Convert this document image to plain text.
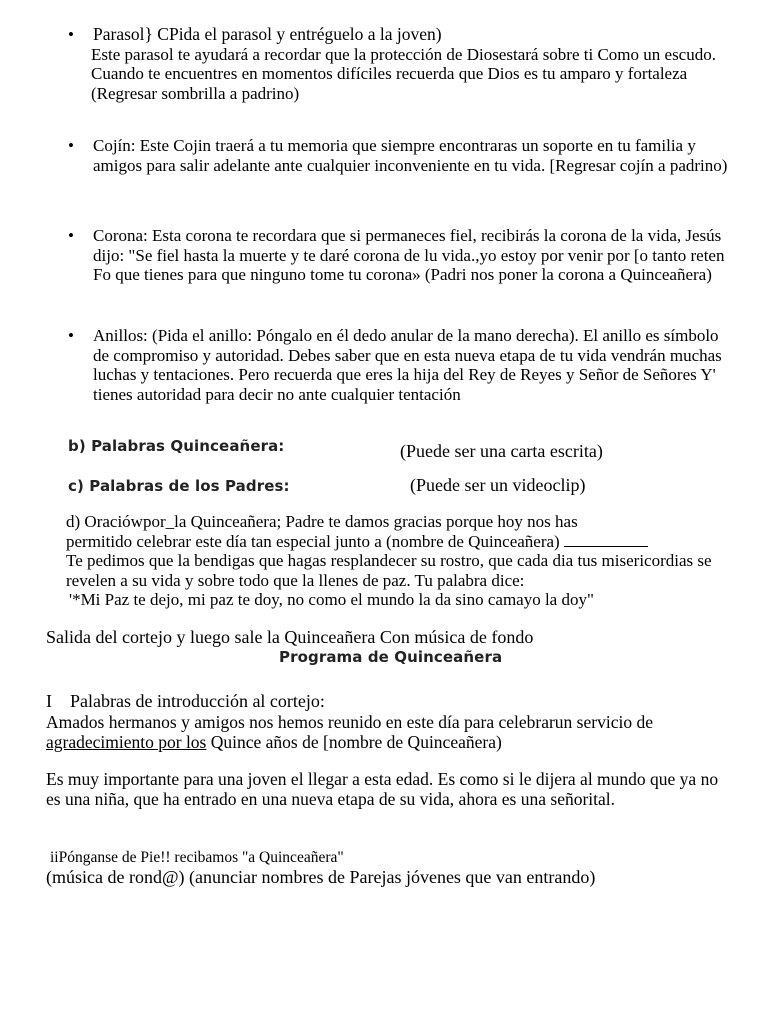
•	Parasol} CPida el parasol y entréguelo a la joven)
Este parasol te ayudará a recordar que la protección de Diosestará sobre ti Como un escudo. Cuando te encuentres en momentos difíciles recuerda que Dios es tu amparo y fortaleza (Regresar sombrilla a padrino)
•	Cojín: Este Cojin traerá a tu memoria que siempre encontraras un soporte en tu familia y amigos para salir adelante ante cualquier inconveniente en tu vida. [Regresar cojín a padrino)
•	Corona: Esta corona te recordara que si permaneces fiel, recibirás la corona de la vida, Jesús dijo: "Se fiel hasta la muerte y te daré corona de lu vida.,yo estoy por venir por [o tanto reten Fo que tienes para que ninguno tome tu corona» (Padri nos poner la corona a Quinceañera)
•	Anillos: (Pida el anillo: Póngalo en él dedo anular de la mano derecha). El anillo es símbolo de compromiso y autoridad. Debes saber que en esta nueva etapa de tu vida vendrán muchas luchas y tentaciones. Pero recuerda que eres la hija del Rey de Reyes y Señor de Señores Y' tienes autoridad para decir no ante cualquier tentación
b) Palabras Quinceañera:	(Puede ser una carta escrita)
c) Palabras de los Padres:	(Puede ser un videoclip)
d) Oraciówpor_la Quinceañera; Padre te damos gracias porque hoy nos has
permitido celebrar este día tan especial junto a (nombre de Quinceañera)
Te pedimos que la bendigas que hagas resplandecer su rostro, que cada dia tus misericordias se revelen a su vida y sobre todo que la llenes de paz. Tu palabra dice:
'*Mi Paz te dejo, mi paz te doy, no como el mundo la da sino camayo la doy"
Salida del cortejo y luego sale la Quinceañera Con música de fondo
Programa de Quinceañera
I Palabras de introducción al cortejo:
Amados hermanos y amigos nos hemos reunido en este día para celebrarun servicio de
agradecimiento por los Quince años de [nombre de Quinceañera)
Es muy importante para una joven el llegar a esta edad. Es como si le dijera al mundo que ya no es una niña, que ha entrado en una nueva etapa de su vida, ahora es una señorital.
iiPónganse de Pie!! recibamos "a Quinceañera"
(música de rond@) (anunciar nombres de Parejas jóvenes que van entrando)
